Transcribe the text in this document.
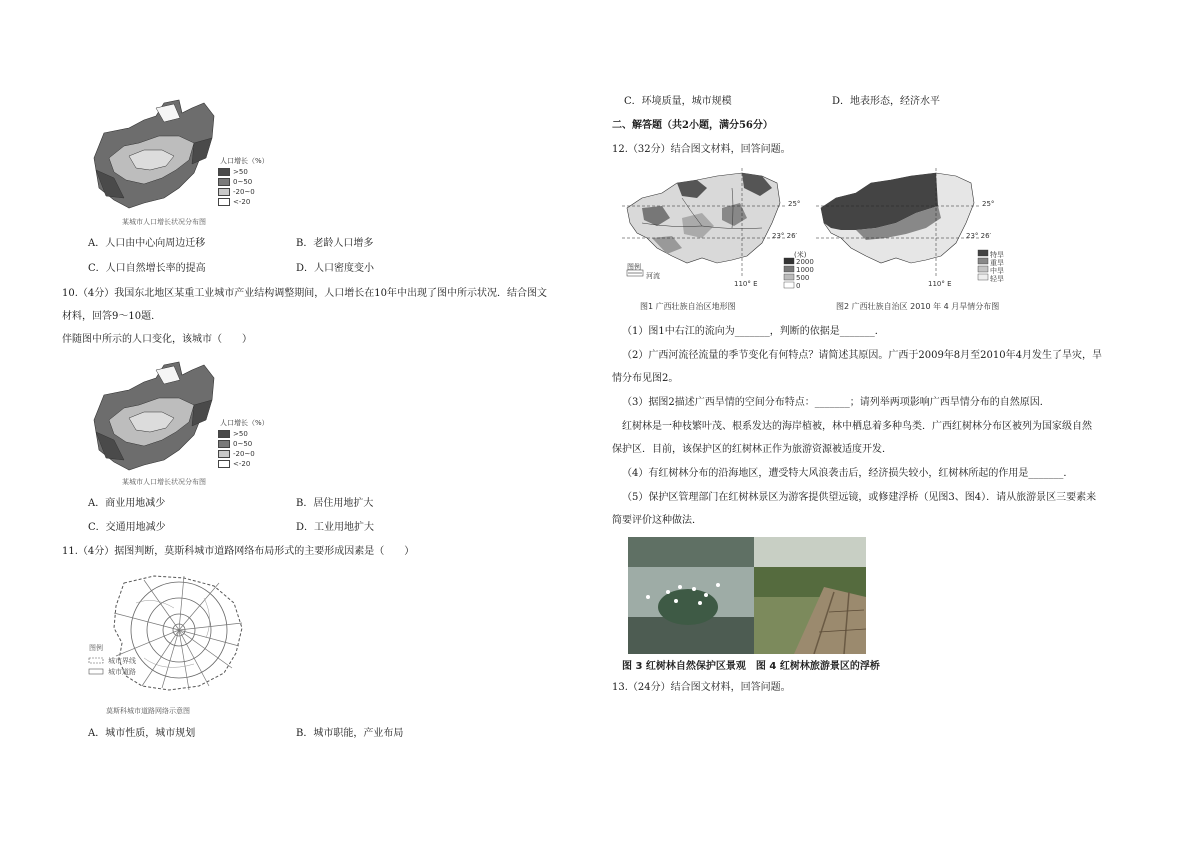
人口增长（%）
>50
0~50
-20~0
<-20
某城市人口增长状况分布图
A．人口由中心向周边迁移	B．老龄人口增多
C．人口自然增长率的提高	D．人口密度变小
10.（4分）我国东北地区某重工业城市产业结构调整期间，人口增长在10年中出现了图中所示状况．结合图文
材料，回答9～10题．
伴随图中所示的人口变化，该城市（　　）
人口增长（%）
>50
0~50
-20~0
<-20
某城市人口增长状况分布图
A．商业用地减少	B．居住用地扩大
C．交通用地减少	D．工业用地扩大
11.（4分）据图判断，莫斯科城市道路网络布局形式的主要形成因素是（　　）
图例
城市界线
城市道路
莫斯科城市道路网络示意图
A．城市性质，城市规划	B．城市职能，产业布局
C．环境质量，城市规模	D．地表形态，经济水平
二、解答题（共2小题，满分56分）
12.（32分）结合图文材料，回答问题。
25°
23° 26′
110° E
图例
河流
(米)
2000
1000
500
0
25°
23° 26′
110° E
特旱
重旱
中旱
轻旱
图1 广西壮族自治区地形图	图2 广西壮族自治区 2010 年 4 月旱情分布图
（1）图1中右江的流向为_______，判断的依据是_______．
（2）广西河流径流量的季节变化有何特点？请简述其原因。广西于2009年8月至2010年4月发生了旱灾，旱
情分布见图2。
（3）据图2描述广西旱情的空间分布特点：_______；请列举两项影响广西旱情分布的自然原因．
红树林是一种枝繁叶茂、根系发达的海岸植被，林中栖息着多种鸟类．广西红树林分布区被列为国家级自然
保护区．目前，该保护区的红树林正作为旅游资源被适度开发．
（4）有红树林分布的沿海地区，遭受特大风浪袭击后，经济损失较小，红树林所起的作用是_______．
（5）保护区管理部门在红树林景区为游客提供望远镜，或修建浮桥（见图3、图4）．请从旅游景区三要素来
简要评价这种做法．
图 3 红树林自然保护区景观　图 4 红树林旅游景区的浮桥
13.（24分）结合图文材料，回答问题。
